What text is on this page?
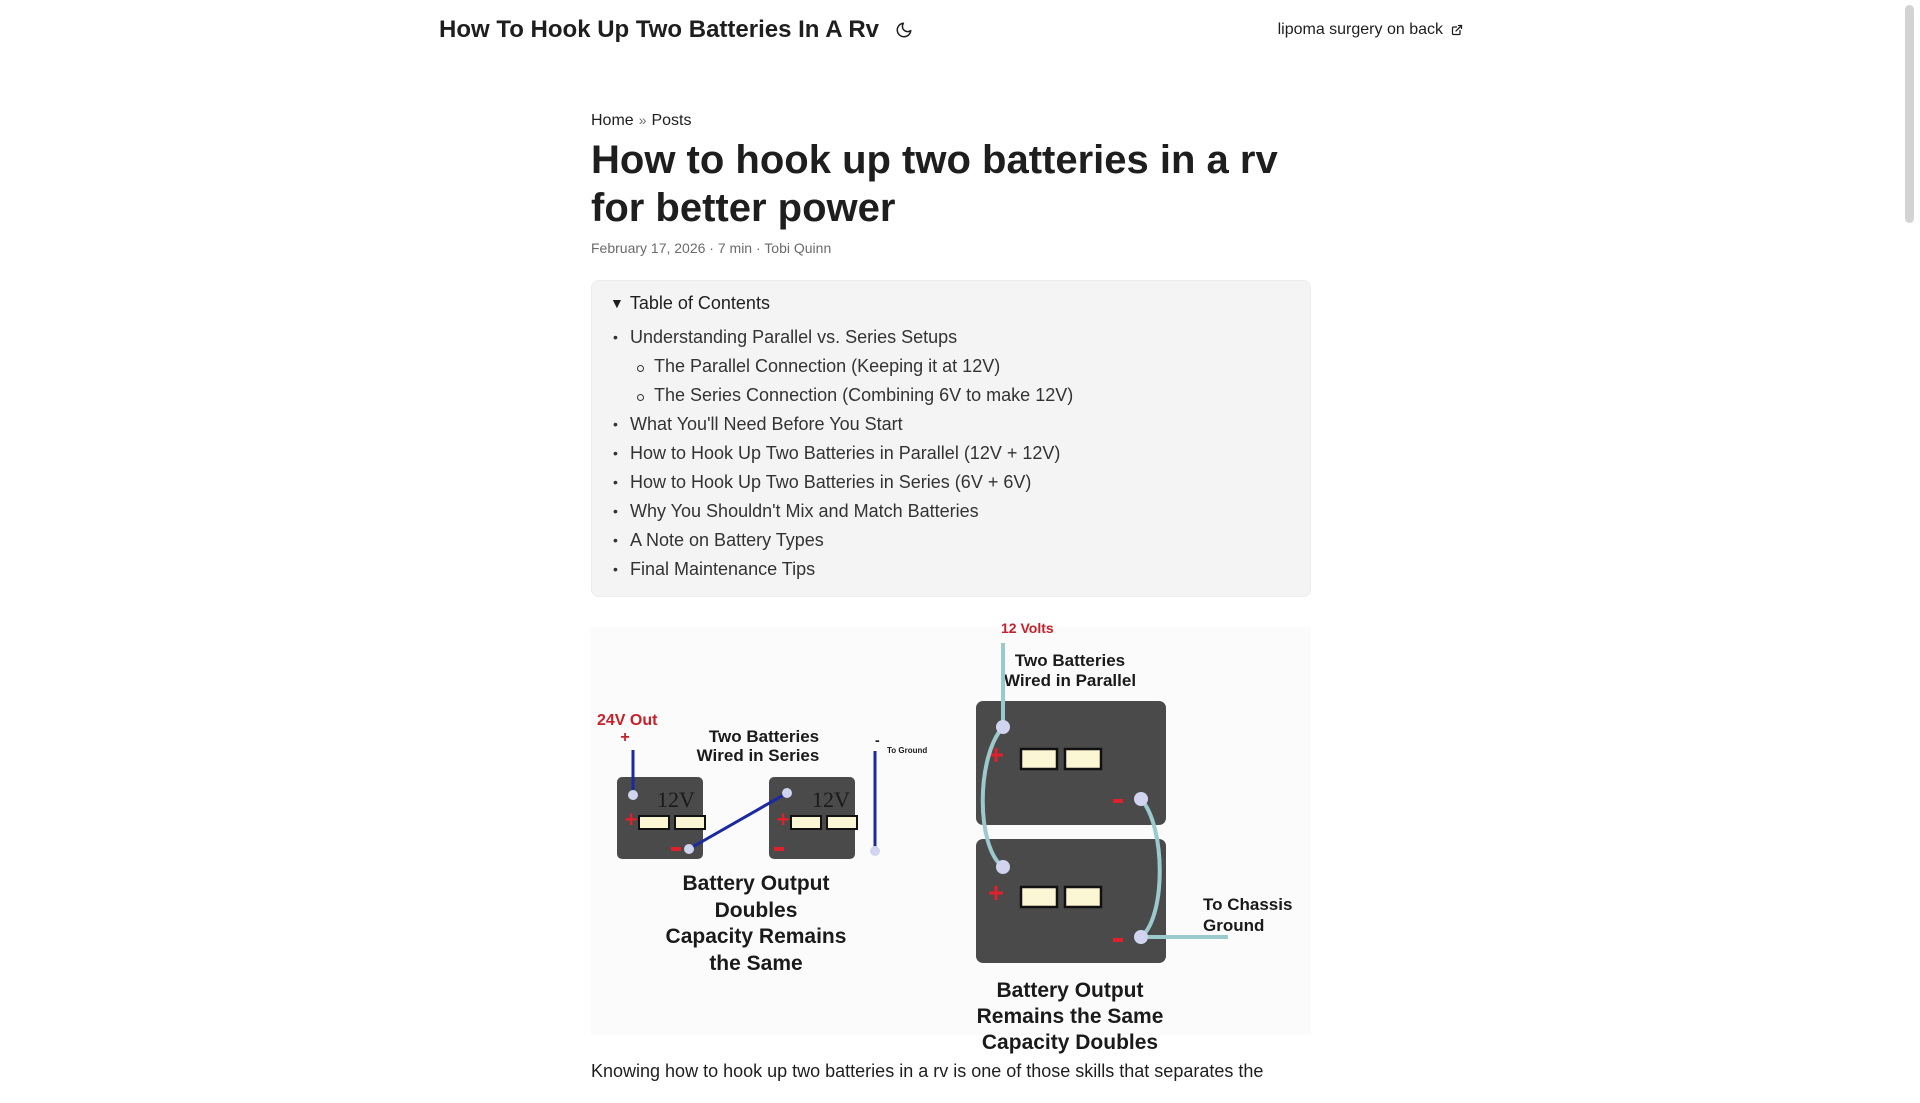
How To Hook Up Two Batteries In A Rv	lipoma surgery on back
Home » Posts
How to hook up two batteries in a rv for better power
February 17, 2026 · 7 min · Tobi Quinn
▼ Table of Contents
• Understanding Parallel vs. Series Setups
The Parallel Connection (Keeping it at 12V)
The Series Connection (Combining 6V to make 12V)
• What You'll Need Before You Start
• How to Hook Up Two Batteries in Parallel (12V + 12V)
• How to Hook Up Two Batteries in Series (6V + 6V)
• Why You Shouldn't Mix and Match Batteries
• A Note on Battery Types
• Final Maintenance Tips
12 Volts
24V Out
+	Two Batteries
Wired in Series
-
To Ground
12V	12V
+	+
Battery Output
Doubles
Capacity Remains
the Same
Two Batteries
Wired in Parallel
+
+	To Chassis
Ground
Battery Output
Remains the Same
Capacity Doubles

Knowing how to hook up two batteries in a rv is one of those skills that separates the
